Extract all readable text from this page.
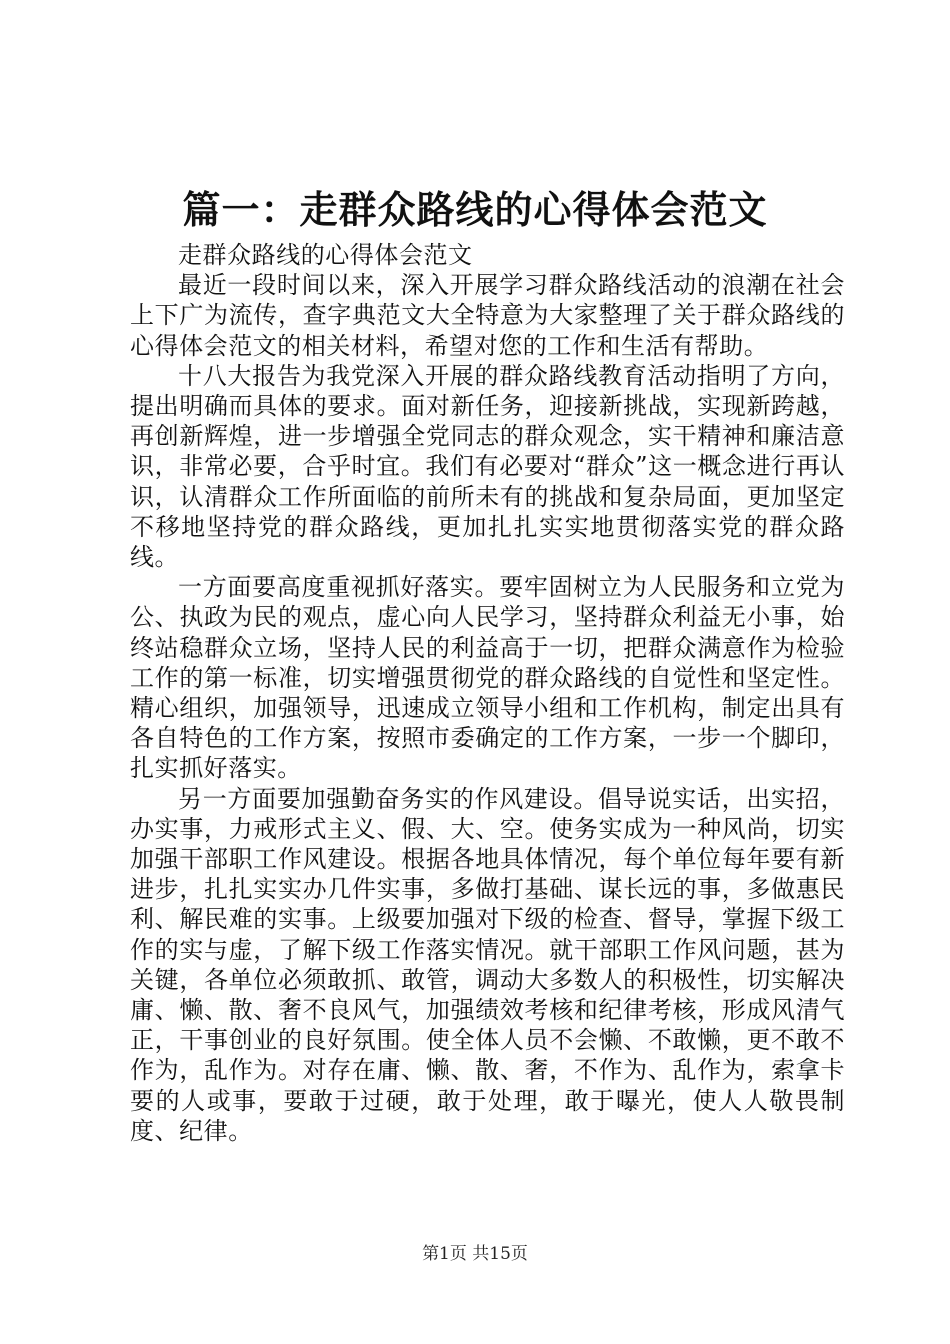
篇一：走群众路线的心得体会范文

走群众路线的心得体会范文

最近一段时间以来，深入开展学习群众路线活动的浪潮在社会上下广为流传，查字典范文大全特意为大家整理了关于群众路线的心得体会范文的相关材料，希望对您的工作和生活有帮助。

十八大报告为我党深入开展的群众路线教育活动指明了方向，提出明确而具体的要求。面对新任务，迎接新挑战，实现新跨越，再创新辉煌，进一步增强全党同志的群众观念，实干精神和廉洁意识，非常必要，合乎时宜。我们有必要对“群众”这一概念进行再认识，认清群众工作所面临的前所未有的挑战和复杂局面，更加坚定不移地坚持党的群众路线，更加扎扎实实地贯彻落实党的群众路线。

一方面要高度重视抓好落实。要牢固树立为人民服务和立党为公、执政为民的观点，虚心向人民学习，坚持群众利益无小事，始终站稳群众立场，坚持人民的利益高于一切，把群众满意作为检验工作的第一标准，切实增强贯彻党的群众路线的自觉性和坚定性。精心组织，加强领导，迅速成立领导小组和工作机构，制定出具有各自特色的工作方案，按照市委确定的工作方案，一步一个脚印，扎实抓好落实。

另一方面要加强勤奋务实的作风建设。倡导说实话，出实招，办实事，力戒形式主义、假、大、空。使务实成为一种风尚，切实加强干部职工作风建设。根据各地具体情况，每个单位每年要有新进步，扎扎实实办几件实事，多做打基础、谋长远的事，多做惠民利、解民难的实事。上级要加强对下级的检查、督导，掌握下级工作的实与虚，了解下级工作落实情况。就干部职工作风问题，甚为关键，各单位必须敢抓、敢管，调动大多数人的积极性，切实解决庸、懒、散、奢不良风气，加强绩效考核和纪律考核，形成风清气正，干事创业的良好氛围。使全体人员不会懒、不敢懒，更不敢不作为，乱作为。对存在庸、懒、散、奢，不作为、乱作为，索拿卡要的人或事，要敢于过硬，敢于处理，敢于曝光，使人人敬畏制度、纪律。

第1页 共15页
